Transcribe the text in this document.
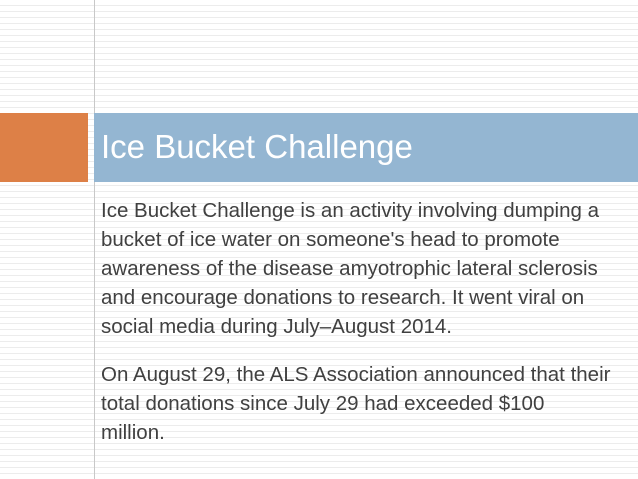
Ice Bucket Challenge

Ice Bucket Challenge is an activity involving dumping a bucket of ice water on someone's head to promote awareness of the disease amyotrophic lateral sclerosis and encourage donations to research. It went viral on social media during July–August 2014.

On August 29, the ALS Association announced that their total donations since July 29 had exceeded $100 million.
